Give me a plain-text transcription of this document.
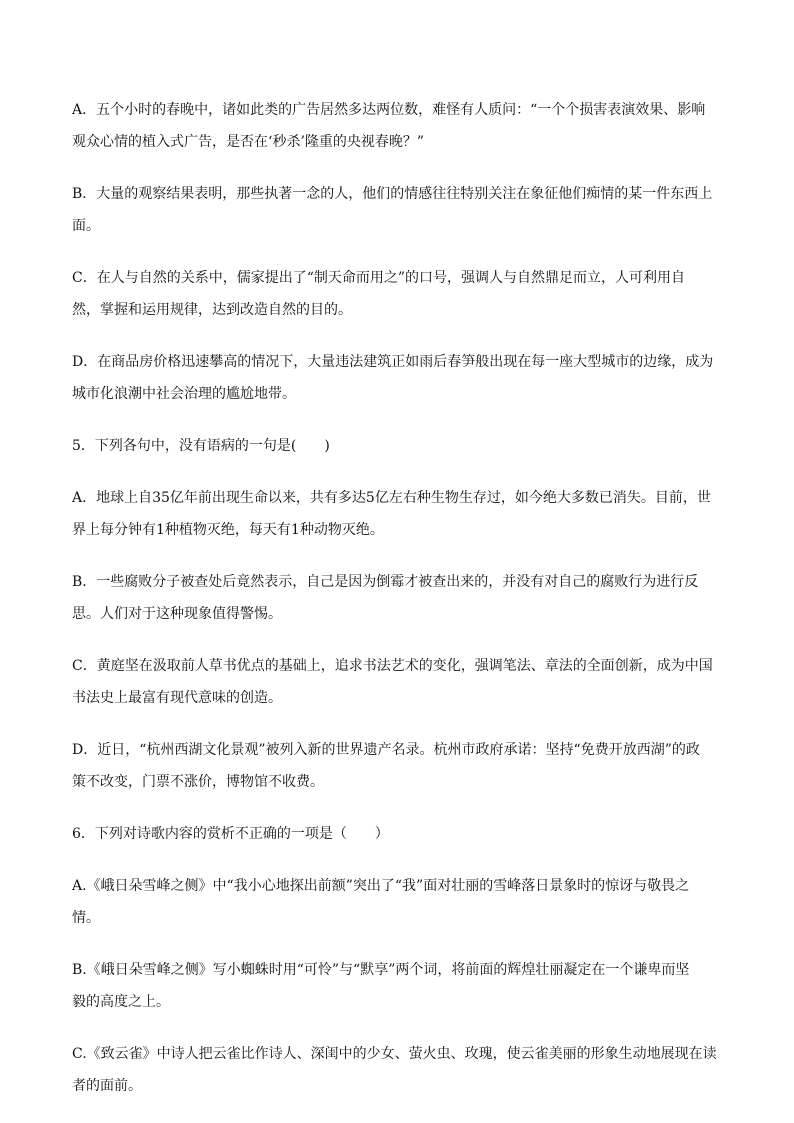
A．五个小时的春晚中，诸如此类的广告居然多达两位数，难怪有人质问：“一个个损害表演效果、影响
观众心情的植入式广告，是否在‘秒杀’隆重的央视春晚？”
B．大量的观察结果表明，那些执著一念的人，他们的情感往往特别关注在象征他们痴情的某一件东西上
面。
C．在人与自然的关系中，儒家提出了“制天命而用之”的口号，强调人与自然鼎足而立，人可利用自
然，掌握和运用规律，达到改造自然的目的。
D．在商品房价格迅速攀高的情况下，大量违法建筑正如雨后春笋般出现在每一座大型城市的边缘，成为
城市化浪潮中社会治理的尴尬地带。
5．下列各句中，没有语病的一句是(　　)
A．地球上自35亿年前出现生命以来，共有多达5亿左右种生物生存过，如今绝大多数已消失。目前，世
界上每分钟有1种植物灭绝，每天有1种动物灭绝。
B．一些腐败分子被查处后竟然表示，自己是因为倒霉才被查出来的，并没有对自己的腐败行为进行反
思。人们对于这种现象值得警惕。
C．黄庭坚在汲取前人草书优点的基础上，追求书法艺术的变化，强调笔法、章法的全面创新，成为中国
书法史上最富有现代意味的创造。
D．近日，“杭州西湖文化景观”被列入新的世界遗产名录。杭州市政府承诺：坚持“免费开放西湖”的政
策不改变，门票不涨价，博物馆不收费。
6．下列对诗歌内容的赏析不正确的一项是（　　）
A.《峨日朵雪峰之侧》中“我小心地探出前额”突出了“我”面对壮丽的雪峰落日景象时的惊讶与敬畏之
情。
B.《峨日朵雪峰之侧》写小蜘蛛时用“可怜”与“默享”两个词，将前面的辉煌壮丽凝定在一个谦卑而坚
毅的高度之上。
C.《致云雀》中诗人把云雀比作诗人、深闺中的少女、萤火虫、玫瑰，使云雀美丽的形象生动地展现在读
者的面前。
